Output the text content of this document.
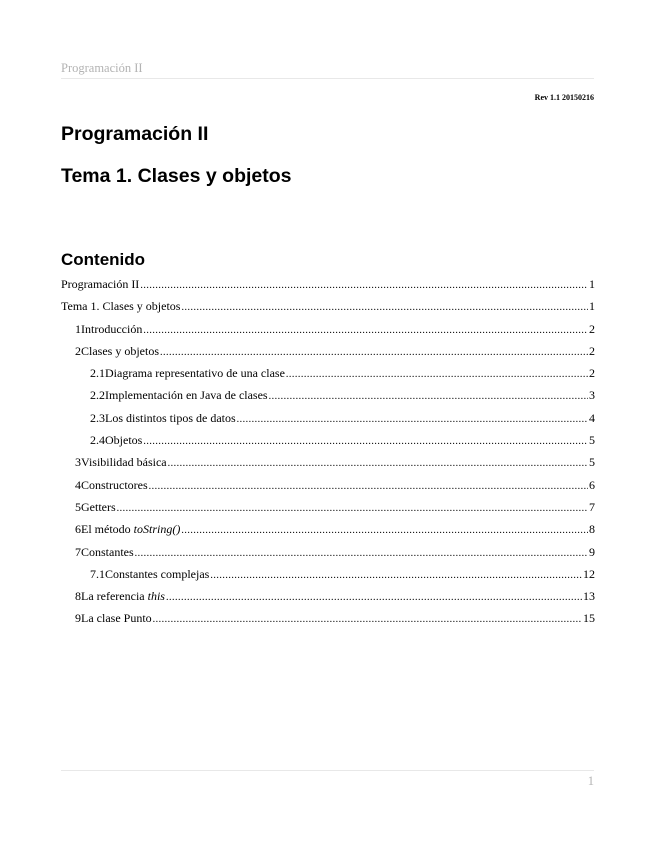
Programación II
Rev 1.1 20150216
Programación II
Tema 1. Clases y objetos
Contenido
Programación II .....	1
Tema 1. Clases y objetos .....	1
1Introducción .....	2
2Clases y objetos .....	2
2.1Diagrama representativo de una clase .....	2
2.2Implementación en Java de clases .....	3
2.3Los distintos tipos de datos .....	4
2.4Objetos .....	5
3Visibilidad básica .....	5
4Constructores .....	6
5Getters .....	7
6El método toString() .....	8
7Constantes .....	9
7.1Constantes complejas .....	12
8La referencia this .....	13
9La clase Punto .....	15
1
